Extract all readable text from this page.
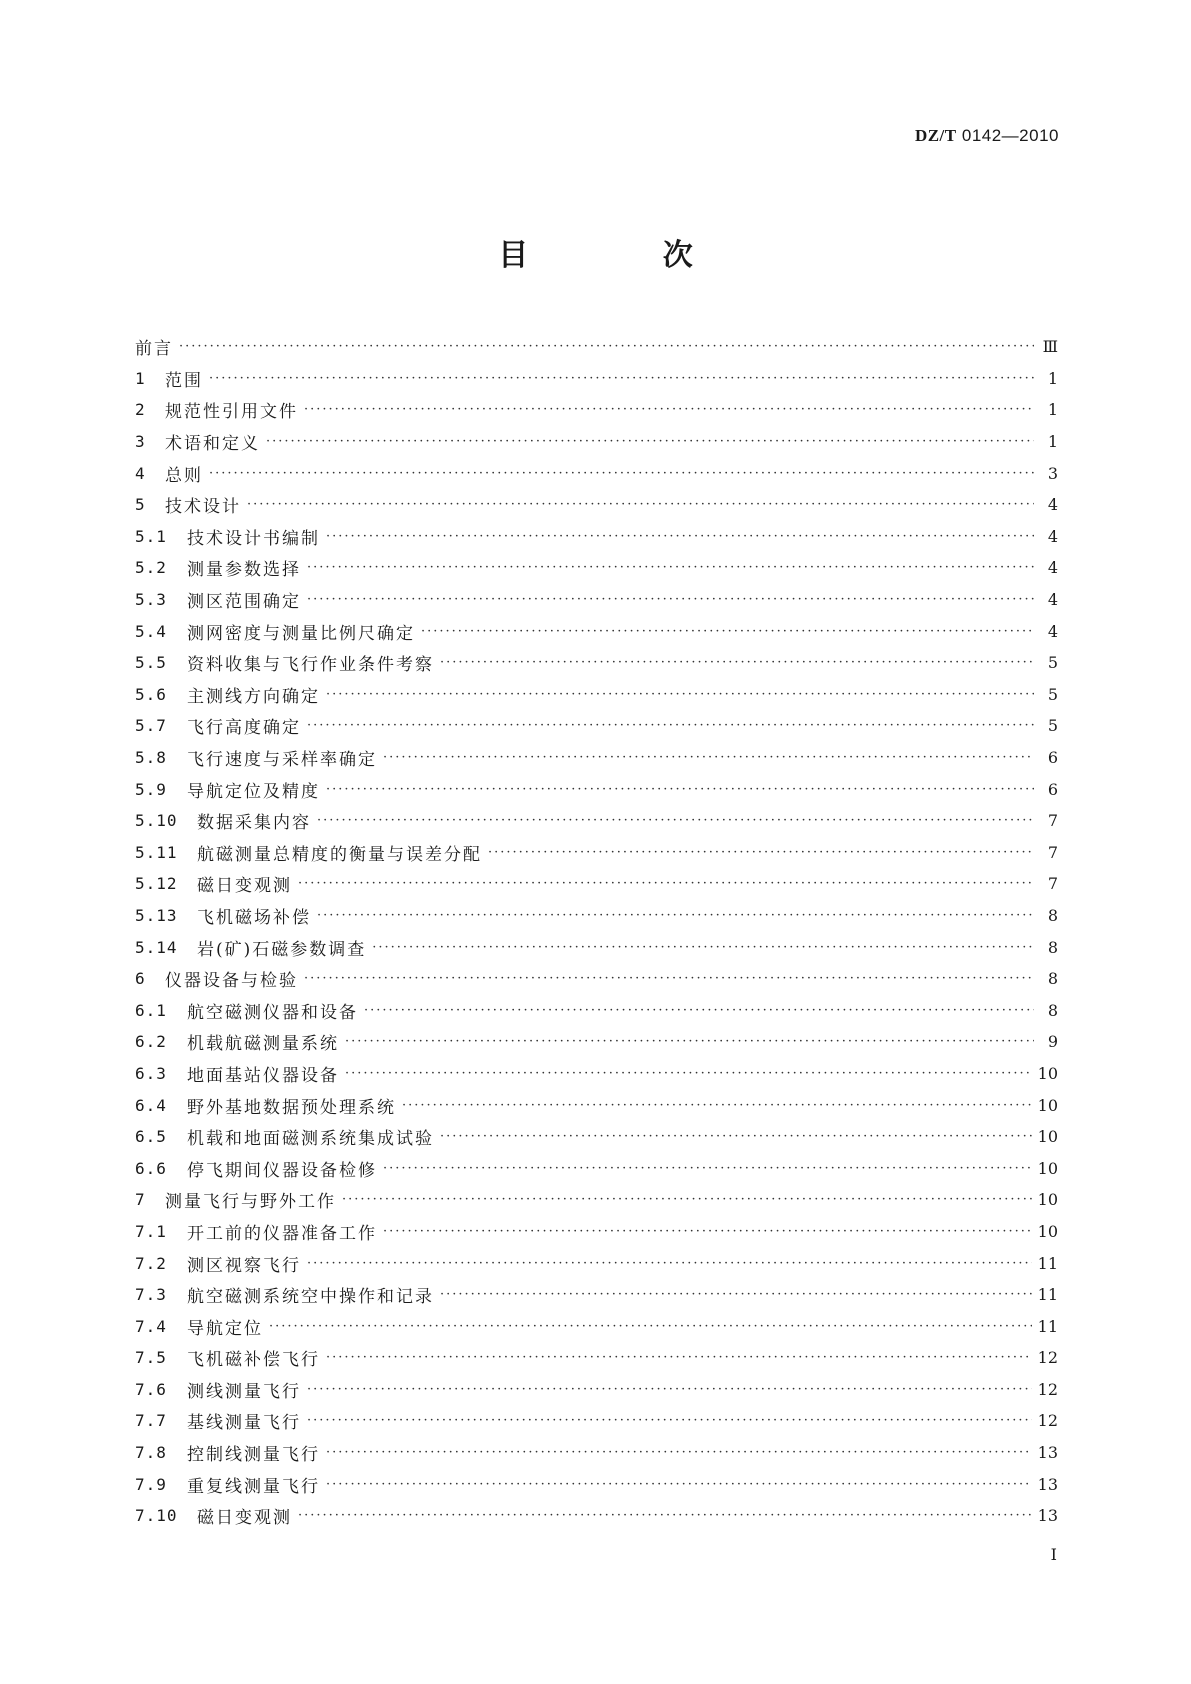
DZ/T 0142—2010
目 次
前言 ·····	Ⅲ
1	范围 ·····	1
2	规范性引用文件 ·····	1
3	术语和定义 ·····	1
4	总则 ·····	3
5	技术设计 ·····	4
5.1	技术设计书编制 ·····	4
5.2	测量参数选择 ·····	4
5.3	测区范围确定 ·····	4
5.4	测网密度与测量比例尺确定 ·····	4
5.5	资料收集与飞行作业条件考察 ·····	5
5.6	主测线方向确定 ·····	5
5.7	飞行高度确定 ·····	5
5.8	飞行速度与采样率确定 ·····	6
5.9	导航定位及精度 ·····	6
5.10	数据采集内容 ·····	7
5.11	航磁测量总精度的衡量与误差分配 ·····	7
5.12	磁日变观测 ·····	7
5.13	飞机磁场补偿 ·····	8
5.14	岩(矿)石磁参数调查 ·····	8
6	仪器设备与检验 ·····	8
6.1	航空磁测仪器和设备 ·····	8
6.2	机载航磁测量系统 ·····	9
6.3	地面基站仪器设备 ·····	10
6.4	野外基地数据预处理系统 ·····	10
6.5	机载和地面磁测系统集成试验 ·····	10
6.6	停飞期间仪器设备检修 ·····	10
7	测量飞行与野外工作 ·····	10
7.1	开工前的仪器准备工作 ·····	10
7.2	测区视察飞行 ·····	11
7.3	航空磁测系统空中操作和记录 ·····	11
7.4	导航定位 ·····	11
7.5	飞机磁补偿飞行 ·····	12
7.6	测线测量飞行 ·····	12
7.7	基线测量飞行 ·····	12
7.8	控制线测量飞行 ·····	13
7.9	重复线测量飞行 ·····	13
7.10	磁日变观测 ·····	13
I
